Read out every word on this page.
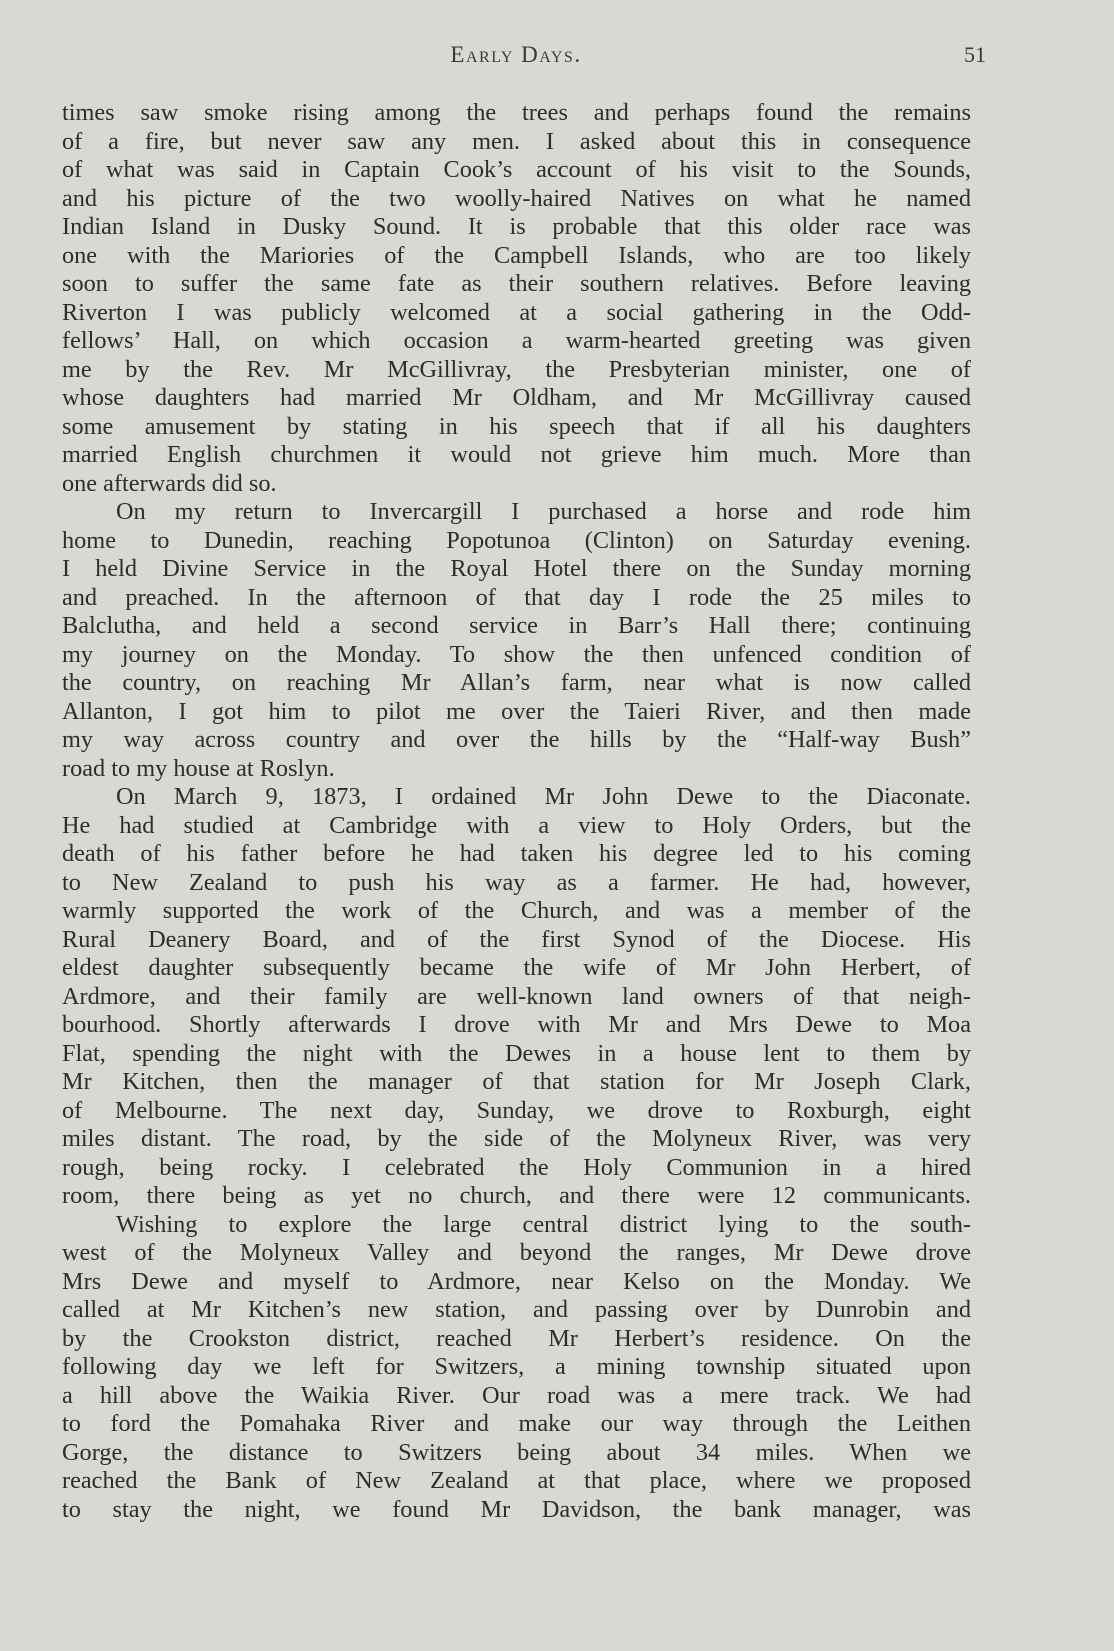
Early Days.	51
times saw smoke rising among the trees and perhaps found the remains
of a fire, but never saw any men. I asked about this in consequence
of what was said in Captain Cook’s account of his visit to the Sounds,
and his picture of the two woolly-haired Natives on what he named
Indian Island in Dusky Sound. It is probable that this older race was
one with the Mariories of the Campbell Islands, who are too likely
soon to suffer the same fate as their southern relatives. Before leaving
Riverton I was publicly welcomed at a social gathering in the Odd-
fellows’ Hall, on which occasion a warm-hearted greeting was given
me by the Rev. Mr McGillivray, the Presbyterian minister, one of
whose daughters had married Mr Oldham, and Mr McGillivray caused
some amusement by stating in his speech that if all his daughters
married English churchmen it would not grieve him much. More than
one afterwards did so.
On my return to Invercargill I purchased a horse and rode him
home to Dunedin, reaching Popotunoa (Clinton) on Saturday evening.
I held Divine Service in the Royal Hotel there on the Sunday morning
and preached. In the afternoon of that day I rode the 25 miles to
Balclutha, and held a second service in Barr’s Hall there; continuing
my journey on the Monday. To show the then unfenced condition of
the country, on reaching Mr Allan’s farm, near what is now called
Allanton, I got him to pilot me over the Taieri River, and then made
my way across country and over the hills by the “Half-way Bush”
road to my house at Roslyn.
On March 9, 1873, I ordained Mr John Dewe to the Diaconate.
He had studied at Cambridge with a view to Holy Orders, but the
death of his father before he had taken his degree led to his coming
to New Zealand to push his way as a farmer. He had, however,
warmly supported the work of the Church, and was a member of the
Rural Deanery Board, and of the first Synod of the Diocese. His
eldest daughter subsequently became the wife of Mr John Herbert, of
Ardmore, and their family are well-known land owners of that neigh-
bourhood. Shortly afterwards I drove with Mr and Mrs Dewe to Moa
Flat, spending the night with the Dewes in a house lent to them by
Mr Kitchen, then the manager of that station for Mr Joseph Clark,
of Melbourne. The next day, Sunday, we drove to Roxburgh, eight
miles distant. The road, by the side of the Molyneux River, was very
rough, being rocky. I celebrated the Holy Communion in a hired
room, there being as yet no church, and there were 12 communicants.
Wishing to explore the large central district lying to the south-
west of the Molyneux Valley and beyond the ranges, Mr Dewe drove
Mrs Dewe and myself to Ardmore, near Kelso on the Monday. We
called at Mr Kitchen’s new station, and passing over by Dunrobin and
by the Crookston district, reached Mr Herbert’s residence. On the
following day we left for Switzers, a mining township situated upon
a hill above the Waikia River. Our road was a mere track. We had
to ford the Pomahaka River and make our way through the Leithen
Gorge, the distance to Switzers being about 34 miles. When we
reached the Bank of New Zealand at that place, where we proposed
to stay the night, we found Mr Davidson, the bank manager, was
